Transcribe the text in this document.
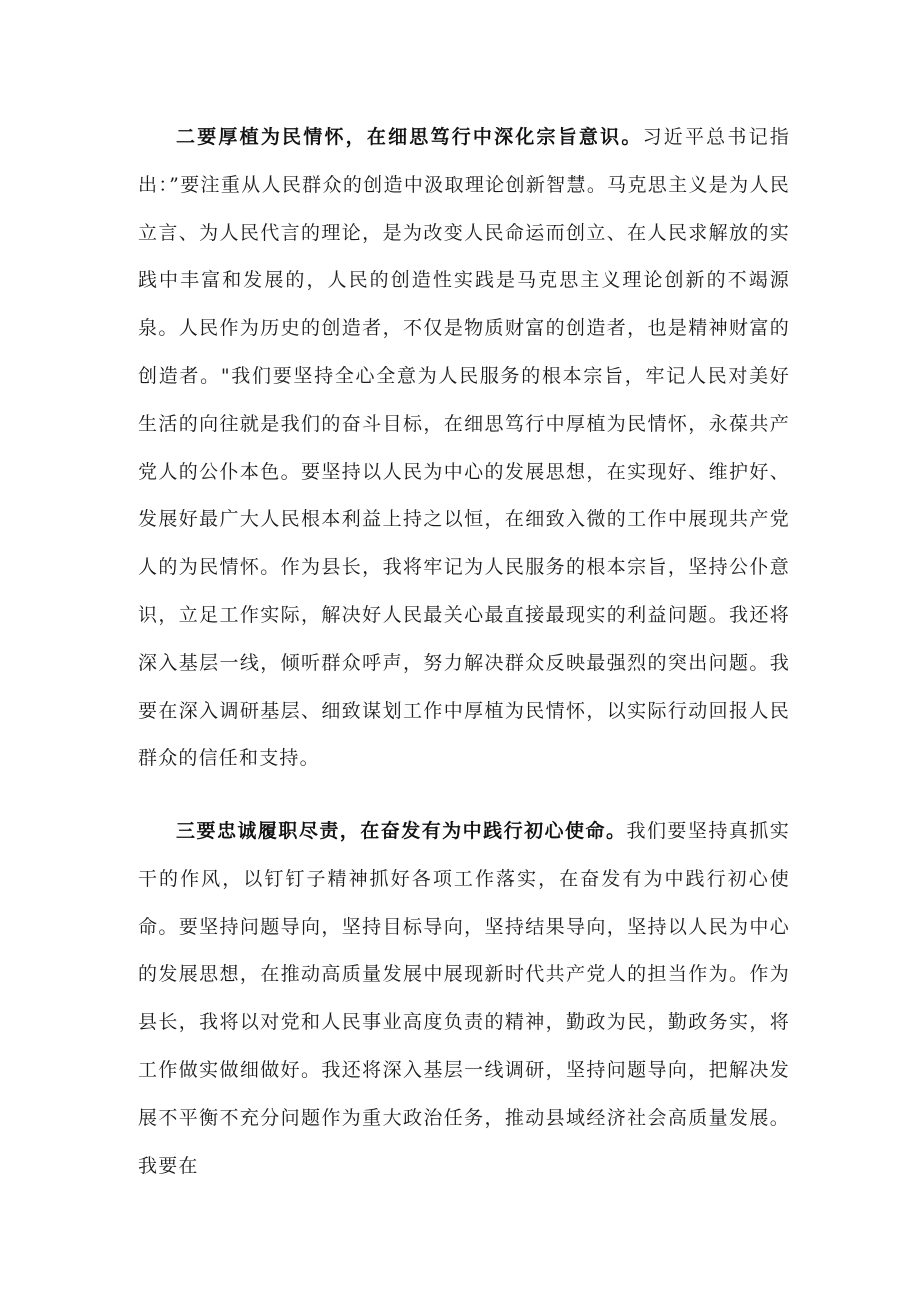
二要厚植为民情怀，在细思笃行中深化宗旨意识。习近平总书记指出：”要注重从人民群众的创造中汲取理论创新智慧。马克思主义是为人民立言、为人民代言的理论，是为改变人民命运而创立、在人民求解放的实践中丰富和发展的，人民的创造性实践是马克思主义理论创新的不竭源泉。人民作为历史的创造者，不仅是物质财富的创造者，也是精神财富的创造者。"我们要坚持全心全意为人民服务的根本宗旨，牢记人民对美好生活的向往就是我们的奋斗目标，在细思笃行中厚植为民情怀，永葆共产党人的公仆本色。要坚持以人民为中心的发展思想，在实现好、维护好、发展好最广大人民根本利益上持之以恒，在细致入微的工作中展现共产党人的为民情怀。作为县长，我将牢记为人民服务的根本宗旨，坚持公仆意识，立足工作实际，解决好人民最关心最直接最现实的利益问题。我还将深入基层一线，倾听群众呼声，努力解决群众反映最强烈的突出问题。我要在深入调研基层、细致谋划工作中厚植为民情怀，以实际行动回报人民群众的信任和支持。

三要忠诚履职尽责，在奋发有为中践行初心使命。我们要坚持真抓实干的作风，以钉钉子精神抓好各项工作落实，在奋发有为中践行初心使命。要坚持问题导向，坚持目标导向，坚持结果导向，坚持以人民为中心的发展思想，在推动高质量发展中展现新时代共产党人的担当作为。作为县长，我将以对党和人民事业高度负责的精神，勤政为民，勤政务实，将工作做实做细做好。我还将深入基层一线调研，坚持问题导向，把解决发展不平衡不充分问题作为重大政治任务，推动县域经济社会高质量发展。我要在
